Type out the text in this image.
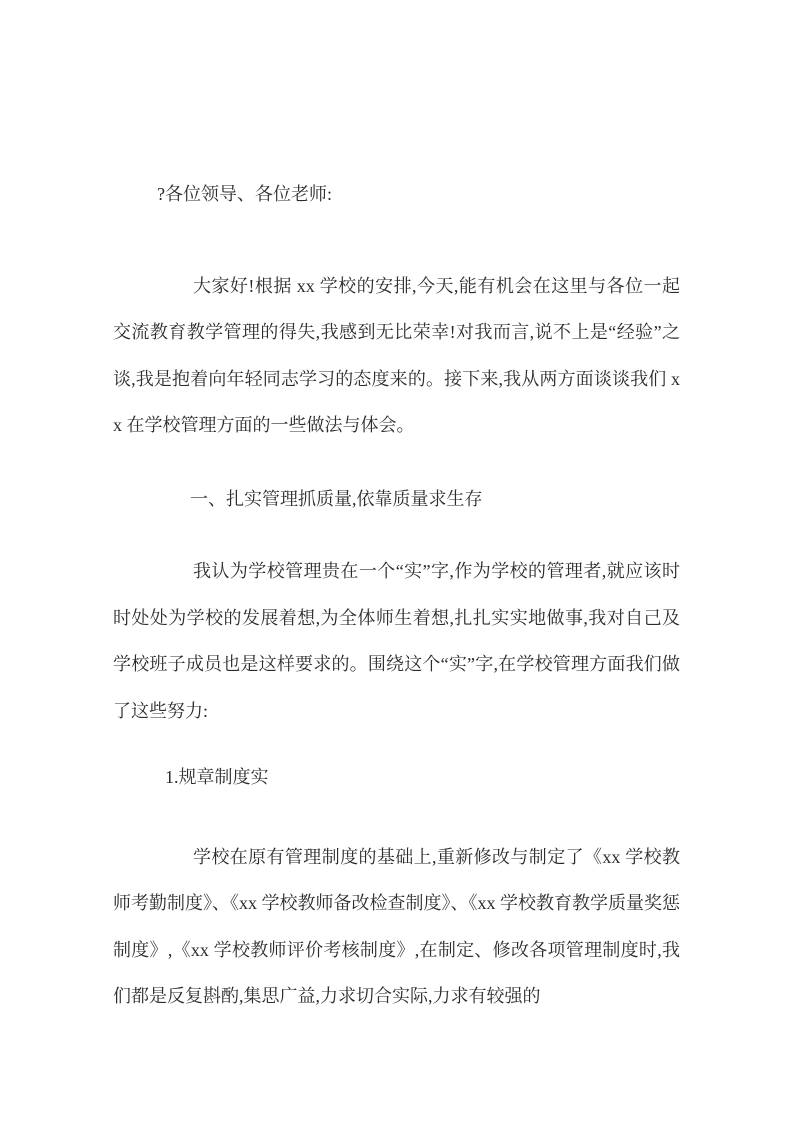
?各位领导、各位老师:

大家好!根据 xx 学校的安排,今天,能有机会在这里与各位一起交流教育教学管理的得失,我感到无比荣幸!对我而言,说不上是“经验”之谈,我是抱着向年轻同志学习的态度来的。接下来,我从两方面谈谈我们 xx 在学校管理方面的一些做法与体会。

一、扎实管理抓质量,依靠质量求生存

我认为学校管理贵在一个“实”字,作为学校的管理者,就应该时时处处为学校的发展着想,为全体师生着想,扎扎实实地做事,我对自己及学校班子成员也是这样要求的。围绕这个“实”字,在学校管理方面我们做了这些努力:

1.规章制度实

学校在原有管理制度的基础上,重新修改与制定了《xx 学校教师考勤制度》、《xx 学校教师备改检查制度》、《xx 学校教育教学质量奖惩制度》,《xx 学校教师评价考核制度》,在制定、修改各项管理制度时,我们都是反复斟酌,集思广益,力求切合实际,力求有较强的
